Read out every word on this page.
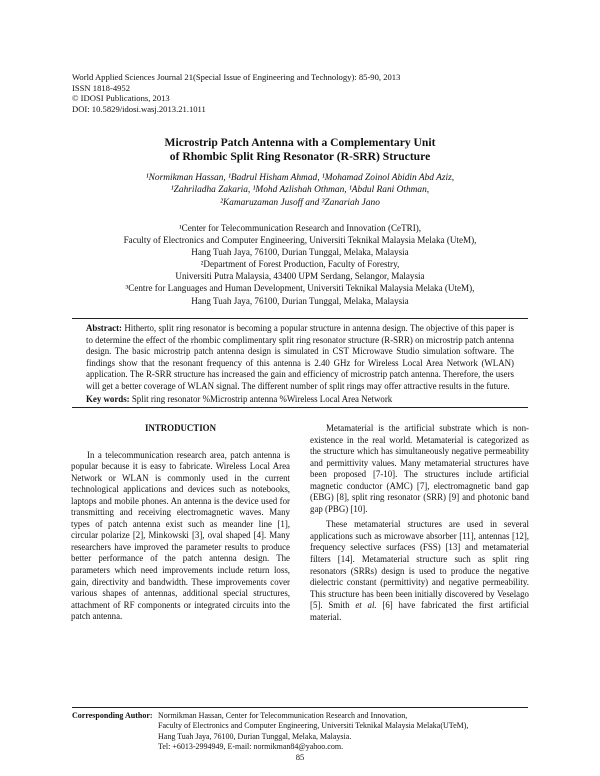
World Applied Sciences Journal 21(Special Issue of Engineering and Technology): 85-90, 2013
ISSN 1818-4952
© IDOSI Publications, 2013
DOI: 10.5829/idosi.wasj.2013.21.1011
Microstrip Patch Antenna with a Complementary Unit
of Rhombic Split Ring Resonator (R-SRR) Structure
¹Normikman Hassan, ¹Badrul Hisham Ahmad, ¹Mohamad Zoinol Abidin Abd Aziz,
¹Zahriladha Zakaria, ¹Mohd Azlishah Othman, ¹Abdul Rani Othman,
²Kamaruzaman Jusoff and ³Zanariah Jano
¹Center for Telecommunication Research and Innovation (CeTRI),
Faculty of Electronics and Computer Engineering, Universiti Teknikal Malaysia Melaka (UteM),
Hang Tuah Jaya, 76100, Durian Tunggal, Melaka, Malaysia
²Department of Forest Production, Faculty of Forestry,
Universiti Putra Malaysia, 43400 UPM Serdang, Selangor, Malaysia
³Centre for Languages and Human Development, Universiti Teknikal Malaysia Melaka (UteM),
Hang Tuah Jaya, 76100, Durian Tunggal, Melaka, Malaysia
Abstract: Hitherto, split ring resonator is becoming a popular structure in antenna design. The objective of this paper is to determine the effect of the rhombic complimentary split ring resonator structure (R-SRR) on microstrip patch antenna design. The basic microstrip patch antenna design is simulated in CST Microwave Studio simulation software. The findings show that the resonant frequency of this antenna is 2.40 GHz for Wireless Local Area Network (WLAN) application. The R-SRR structure has increased the gain and efficiency of microstrip patch antenna. Therefore, the users will get a better coverage of WLAN signal. The different number of split rings may offer attractive results in the future.
Key words: Split ring resonator %Microstrip antenna %Wireless Local Area Network
INTRODUCTION

In a telecommunication research area, patch antenna is popular because it is easy to fabricate. Wireless Local Area Network or WLAN is commonly used in the current technological applications and devices such as notebooks, laptops and mobile phones. An antenna is the device used for transmitting and receiving electromagnetic waves. Many types of patch antenna exist such as meander line [1], circular polarize [2], Minkowski [3], oval shaped [4]. Many researchers have improved the parameter results to produce better performance of the patch antenna design. The parameters which need improvements include return loss, gain, directivity and bandwidth. These improvements cover various shapes of antennas, additional special structures, attachment of RF components or integrated circuits into the patch antenna.

Metamaterial is the artificial substrate which is non-existence in the real world. Metamaterial is categorized as the structure which has simultaneously negative permeability and permittivity values. Many metamaterial structures have been proposed [7-10]. The structures include artificial magnetic conductor (AMC) [7], electromagnetic band gap (EBG) [8], split ring resonator (SRR) [9] and photonic band gap (PBG) [10].

These metamaterial structures are used in several applications such as microwave absorber [11], antennas [12], frequency selective surfaces (FSS) [13] and metamaterial filters [14]. Metamaterial structure such as split ring resonators (SRRs) design is used to produce the negative dielectric constant (permittivity) and negative permeability. This structure has been been initially discovered by Veselago [5]. Smith et al. [6] have fabricated the first artificial material.

Corresponding Author: Normikman Hassan, Center for Telecommunication Research and Innovation,
Faculty of Electronics and Computer Engineering, Universiti Teknikal Malaysia Melaka(UTeM),
Hang Tuah Jaya, 76100, Durian Tunggal, Melaka, Malaysia.
Tel: +6013-2994949, E-mail: normikman84@yahoo.com.
85
